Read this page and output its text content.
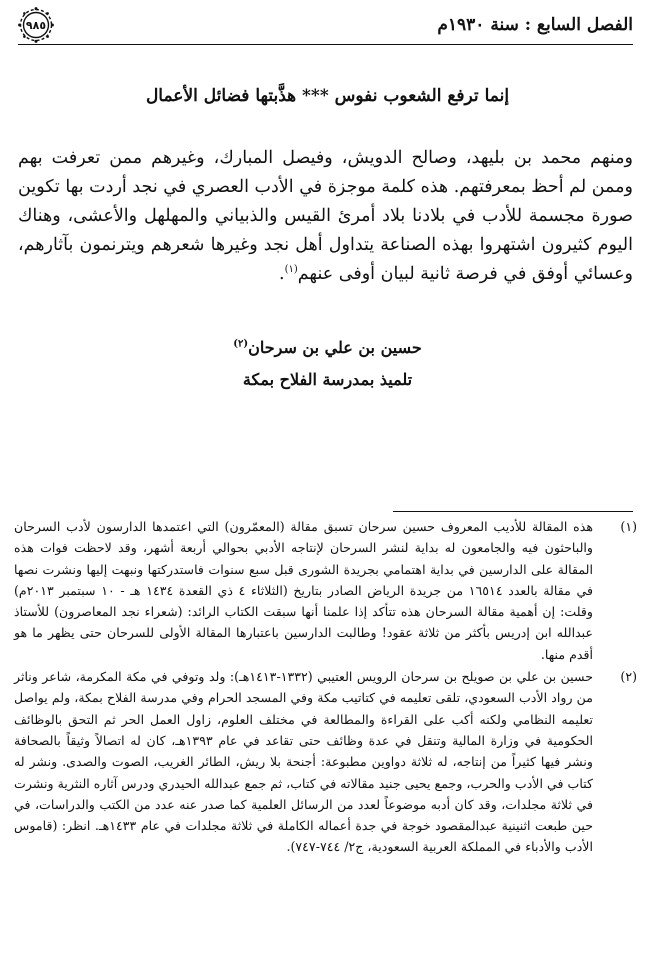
الفصل السابع : سنة ١٩٣٠م
٩٨٥
إنما ترفع الشعوب نفوس *** هذَّبتها فضائل الأعمال

ومنهم محمد بن بليهد، وصالح الدويش، وفيصل المبارك، وغيرهم ممن تعرفت بهم وممن لم أحظ بمعرفتهم. هذه كلمة موجزة في الأدب العصري في نجد أردت بها تكوين صورة مجسمة للأدب في بلادنا بلاد أمرئ القيس والذبياني والمهلهل والأعشى، وهناك اليوم كثيرون اشتهروا بهذه الصناعة يتداول أهل نجد وغيرها شعرهم ويترنمون بآثارهم، وعسائي أوفق في فرصة ثانية لبيان أوفى عنهم$^{(١)}$.

حسين بن علي بن سرحان$^{(٢)}$
تلميذ بمدرسة الفلاح بمكة
(١)
هذه المقالة للأديب المعروف حسين سرحان تسبق مقالة (المعمّرون) التي اعتمدها الدارسون لأدب السرحان والباحثون فيه والجامعون له بداية لنشر السرحان لإنتاجه الأدبي بحوالي أربعة أشهر، وقد لاحظت فوات هذه المقالة على الدارسين في بداية اهتمامي بجريدة الشورى قبل سبع سنوات فاستدركتها ونبهت إليها ونشرت نصها في مقالة بالعدد ١٦٥١٤ من جريدة الرياض الصادر بتاريخ (الثلاثاء ٤ ذي القعدة ١٤٣٤ هـ - ١٠ سبتمبر ٢٠١٣م) وقلت: إن أهمية مقالة السرحان هذه تتأكد إذا علمنا أنها سبقت الكتاب الرائد: (شعراء نجد المعاصرون) للأستاذ عبدالله ابن إدريس بأكثر من ثلاثة عقود! وطالبت الدارسين باعتبارها المقالة الأولى للسرحان حتى يظهر ما هو أقدم منها.
(٢)
حسين بن علي بن صويلح بن سرحان الرويس العتيبي (١٣٣٢-١٤١٣هـ): ولد وتوفي في مكة المكرمة، شاعر وناثر من رواد الأدب السعودي، تلقى تعليمه في كتاتيب مكة وفي المسجد الحرام وفي مدرسة الفلاح بمكة، ولم يواصل تعليمه النظامي ولكنه أكب على القراءة والمطالعة في مختلف العلوم، زاول العمل الحر ثم التحق بالوظائف الحكومية في وزارة المالية وتنقل في عدة وظائف حتى تقاعد في عام ١٣٩٣هـ، كان له اتصالاً وثيقاً بالصحافة ونشر فيها كثيراً من إنتاجه، له ثلاثة دواوين مطبوعة: أجنحة بلا ريش، الطائر الغريب، الصوت والصدى. ونشر له كتاب في الأدب والحرب، وجمع يحيى جنيد مقالاته في كتاب، ثم جمع عبدالله الحيدري ودرس آثاره النثرية ونشرت في ثلاثة مجلدات، وقد كان أدبه موضوعاً لعدد من الرسائل العلمية كما صدر عنه عدد من الكتب والدراسات، في حين طبعت اثنينية عبدالمقصود خوجة في جدة أعماله الكاملة في ثلاثة مجلدات في عام ١٤٣٣هـ. انظر: (قاموس الأدب والأدباء في المملكة العربية السعودية، ج٢/ ٧٤٤-٧٤٧).
